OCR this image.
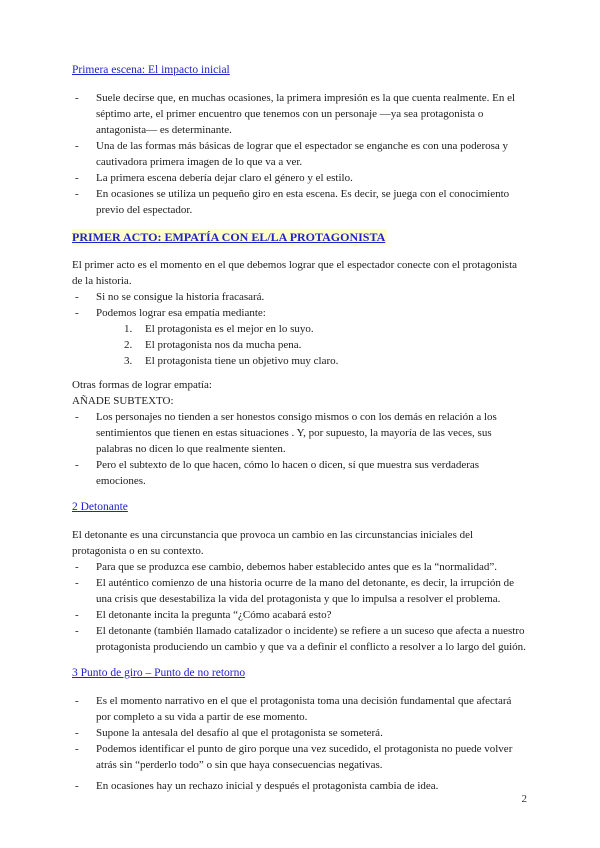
Primera escena: El impacto inicial
-	Suele decirse que, en muchas ocasiones, la primera impresión es la que cuenta realmente. En el séptimo arte, el primer encuentro que tenemos con un personaje —ya sea protagonista o antagonista— es determinante.
-	Una de las formas más básicas de lograr que el espectador se enganche es con una poderosa y cautivadora primera imagen de lo que va a ver.
-	La primera escena debería dejar claro el género y el estilo.
-	En ocasiones se utiliza un pequeño giro en esta escena. Es decir, se juega con el conocimiento previo del espectador.
PRIMER ACTO: EMPATÍA CON EL/LA PROTAGONISTA

El primer acto es el momento en el que debemos lograr que el espectador conecte con el protagonista de la historia.

-	Si no se consigue la historia fracasará.
-	Podemos lograr esa empatía mediante:
1.	El protagonista es el mejor en lo suyo.
2.	El protagonista nos da mucha pena.
3.	El protagonista tiene un objetivo muy claro.

Otras formas de lograr empatía:

AÑADE SUBTEXTO:

-	Los personajes no tienden a ser honestos consigo mismos o con los demás en relación a los sentimientos que tienen en estas situaciones . Y, por supuesto, la mayoría de las veces, sus palabras no dicen lo que realmente sienten.
-	Pero el subtexto de lo que hacen, cómo lo hacen o dicen, sí que muestra sus verdaderas emociones.
2 Detonante

El detonante es una circunstancia que provoca un cambio en las circunstancias iniciales del protagonista o en su contexto.

-	Para que se produzca ese cambio, debemos haber establecido antes que es la “normalidad”.
-	El auténtico comienzo de una historia ocurre de la mano del detonante, es decir, la irrupción de una crisis que desestabiliza la vida del protagonista y que lo impulsa a resolver el problema.
-	El detonante incita la pregunta “¿Cómo acabará esto?
-	El detonante (también llamado catalizador o incidente) se refiere a un suceso que afecta a nuestro protagonista produciendo un cambio y que va a definir el conflicto a resolver a lo largo del guión.
3 Punto de giro – Punto de no retorno
-	Es el momento narrativo en el que el protagonista toma una decisión fundamental que afectará por completo a su vida a partir de ese momento.
-	Supone la antesala del desafío al que el protagonista se someterá.
-	Podemos identificar el punto de giro porque una vez sucedido, el protagonista no puede volver atrás sin “perderlo todo” o sin que haya consecuencias negativas.
-	En ocasiones hay un rechazo inicial y después el protagonista cambia de idea.
2
